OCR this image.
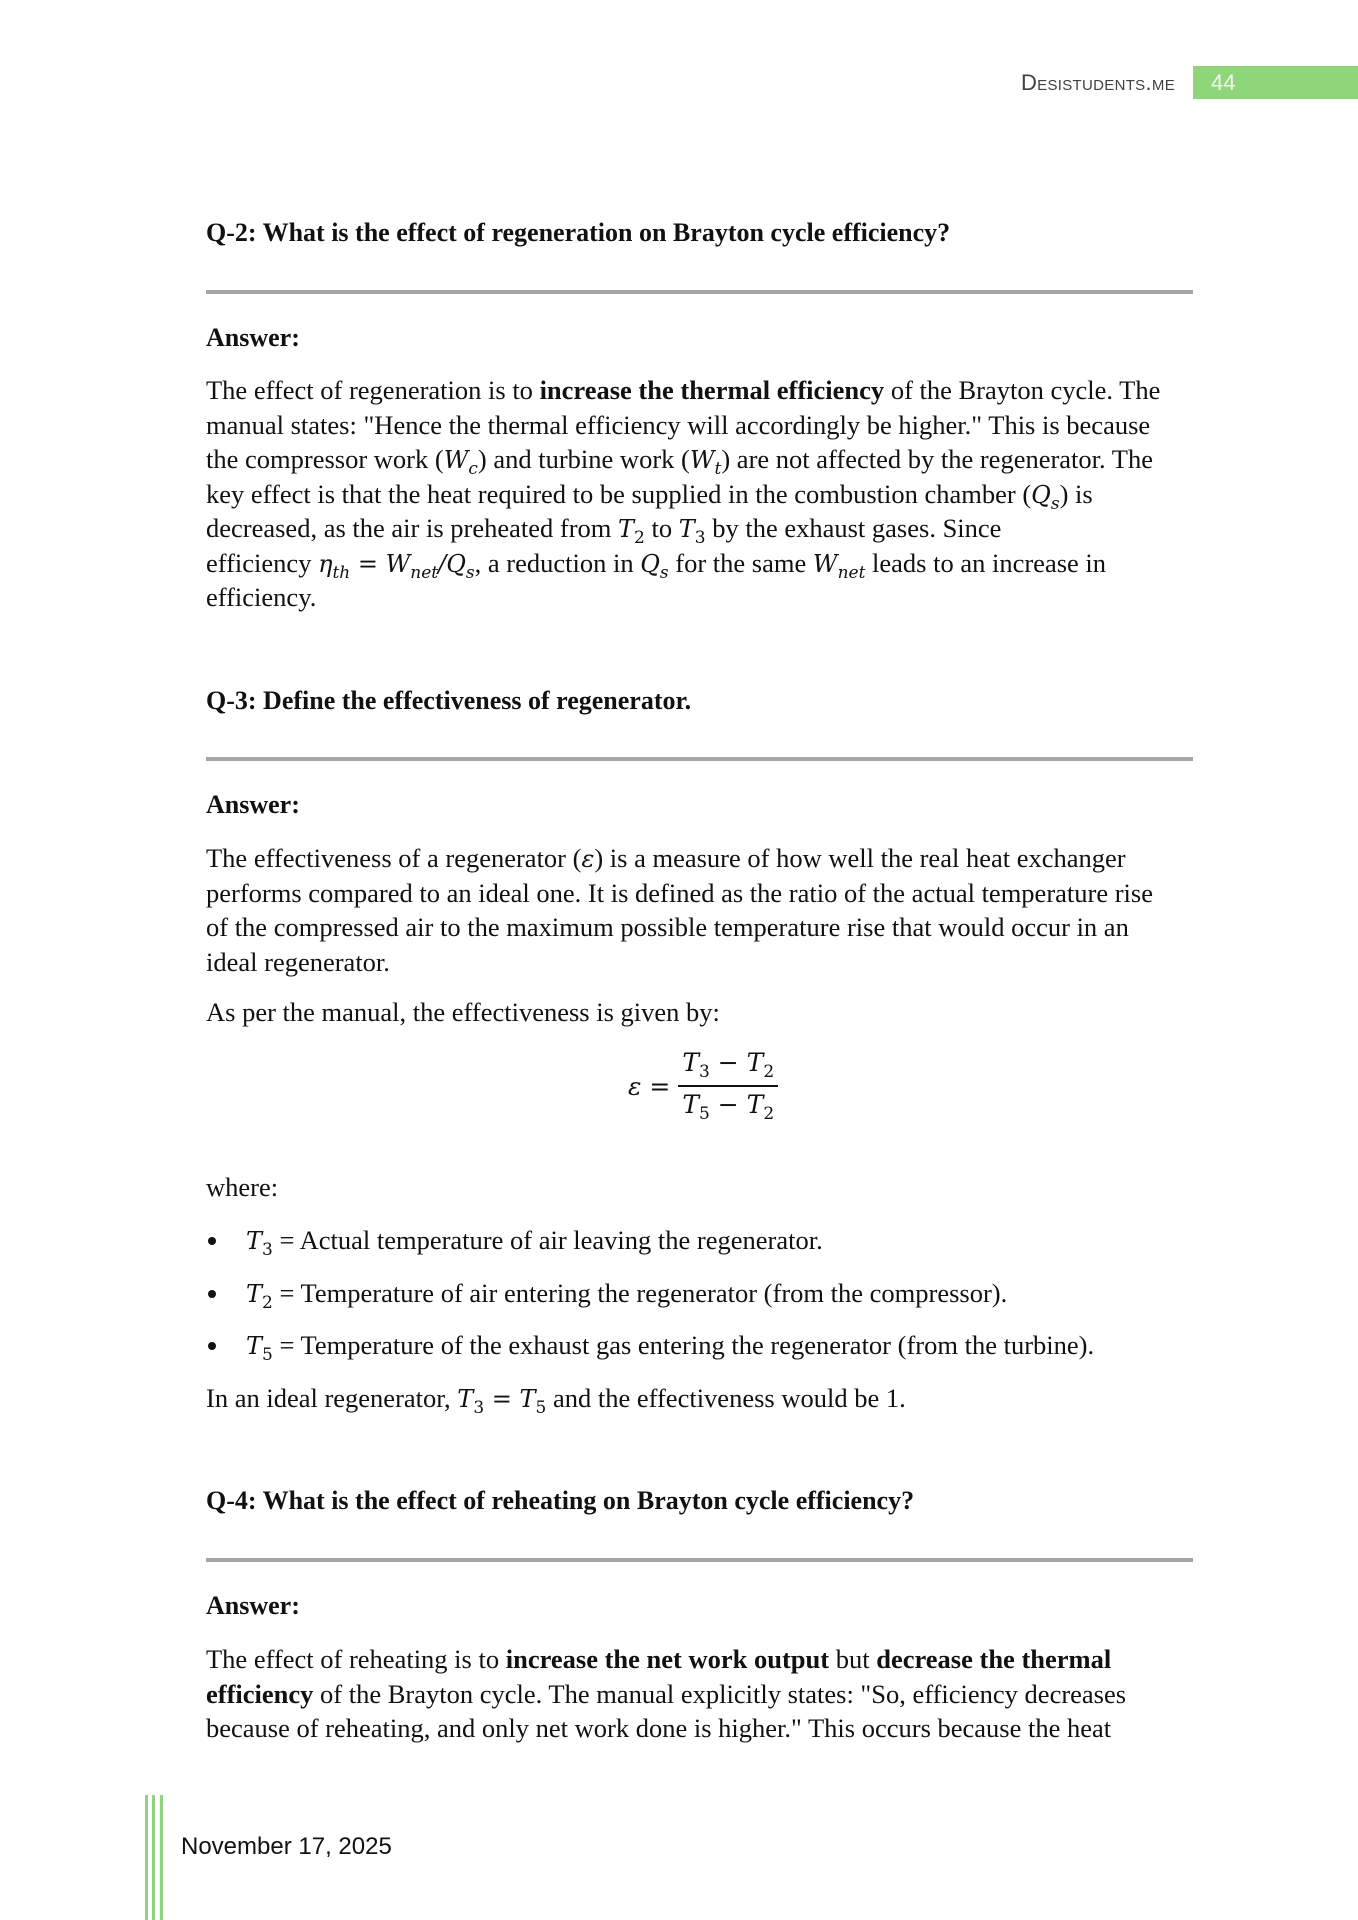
Desistudents.me	44
Q-2: What is the effect of regeneration on Brayton cycle efficiency?
Answer:
The effect of regeneration is to increase the thermal efficiency of the Brayton cycle. The
manual states: "Hence the thermal efficiency will accordingly be higher." This is because
the compressor work $(W_c)$ and turbine work $(W_t)$ are not affected by the regenerator. The
key effect is that the heat required to be supplied in the combustion chamber $(Q_s)$ is
decreased, as the air is preheated from $T_2$ to $T_3$ by the exhaust gases. Since
efficiency $\eta_{th} = W_{net}/Q_s$, a reduction in $Q_s$ for the same $W_{net}$ leads to an increase in
efficiency.
Q-3: Define the effectiveness of regenerator.
Answer:
The effectiveness of a regenerator (ε) is a measure of how well the real heat exchanger
performs compared to an ideal one. It is defined as the ratio of the actual temperature rise
of the compressed air to the maximum possible temperature rise that would occur in an
ideal regenerator.
As per the manual, the effectiveness is given by:
$\varepsilon = \frac{T_3 - T_2}{T_5 - T_2}$
where:
$T_3$ = Actual temperature of air leaving the regenerator.
$T_2$ = Temperature of air entering the regenerator (from the compressor).
$T_5$ = Temperature of the exhaust gas entering the regenerator (from the turbine).
In an ideal regenerator, $T_3 = T_5$ and the effectiveness would be 1.
Q-4: What is the effect of reheating on Brayton cycle efficiency?
Answer:
The effect of reheating is to increase the net work output but decrease the thermal
efficiency of the Brayton cycle. The manual explicitly states: "So, efficiency decreases
because of reheating, and only net work done is higher." This occurs because the heat
November 17, 2025
